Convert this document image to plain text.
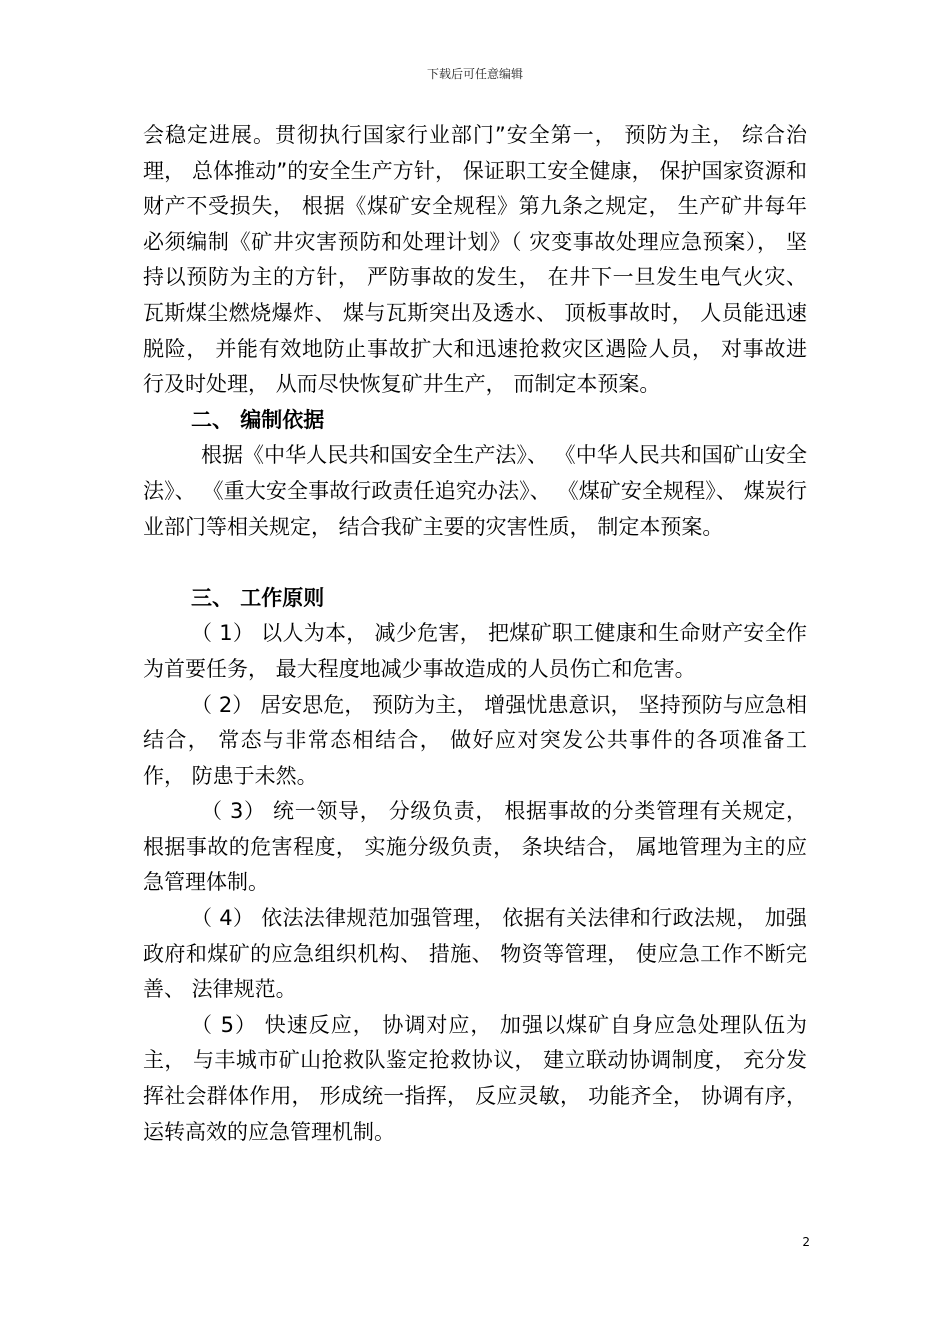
下载后可任意编辑

会稳定进展。贯彻执行国家行业部门”安全第一， 预防为主， 综合治理， 总体推动”的安全生产方针， 保证职工安全健康， 保护国家资源和财产不受损失， 根据《煤矿安全规程》第九条之规定， 生产矿井每年必须编制《矿井灾害预防和处理计划》（ 灾变事故处理应急预案）， 坚持以预防为主的方针， 严防事故的发生， 在井下一旦发生电气火灾、 瓦斯煤尘燃烧爆炸、 煤与瓦斯突出及透水、 顶板事故时， 人员能迅速脱险， 并能有效地防止事故扩大和迅速抢救灾区遇险人员， 对事故进行及时处理， 从而尽快恢复矿井生产， 而制定本预案。

二、 编制依据

根据《中华人民共和国安全生产法》、 《中华人民共和国矿山安全法》、 《重大安全事故行政责任追究办法》、 《煤矿安全规程》、 煤炭行业部门等相关规定， 结合我矿主要的灾害性质， 制定本预案。

三、 工作原则

（ 1） 以人为本， 减少危害， 把煤矿职工健康和生命财产安全作为首要任务， 最大程度地减少事故造成的人员伤亡和危害。

（ 2） 居安思危， 预防为主， 增强忧患意识， 坚持预防与应急相结合， 常态与非常态相结合， 做好应对突发公共事件的各项准备工作， 防患于未然。

（ 3） 统一领导， 分级负责， 根据事故的分类管理有关规定， 根据事故的危害程度， 实施分级负责， 条块结合， 属地管理为主的应急管理体制。

（ 4） 依法法律规范加强管理， 依据有关法律和行政法规， 加强政府和煤矿的应急组织机构、 措施、 物资等管理， 使应急工作不断完善、 法律规范。

（ 5） 快速反应， 协调对应， 加强以煤矿自身应急处理队伍为主， 与丰城市矿山抢救队鉴定抢救协议， 建立联动协调制度， 充分发挥社会群体作用， 形成统一指挥， 反应灵敏， 功能齐全， 协调有序， 运转高效的应急管理机制。

2
